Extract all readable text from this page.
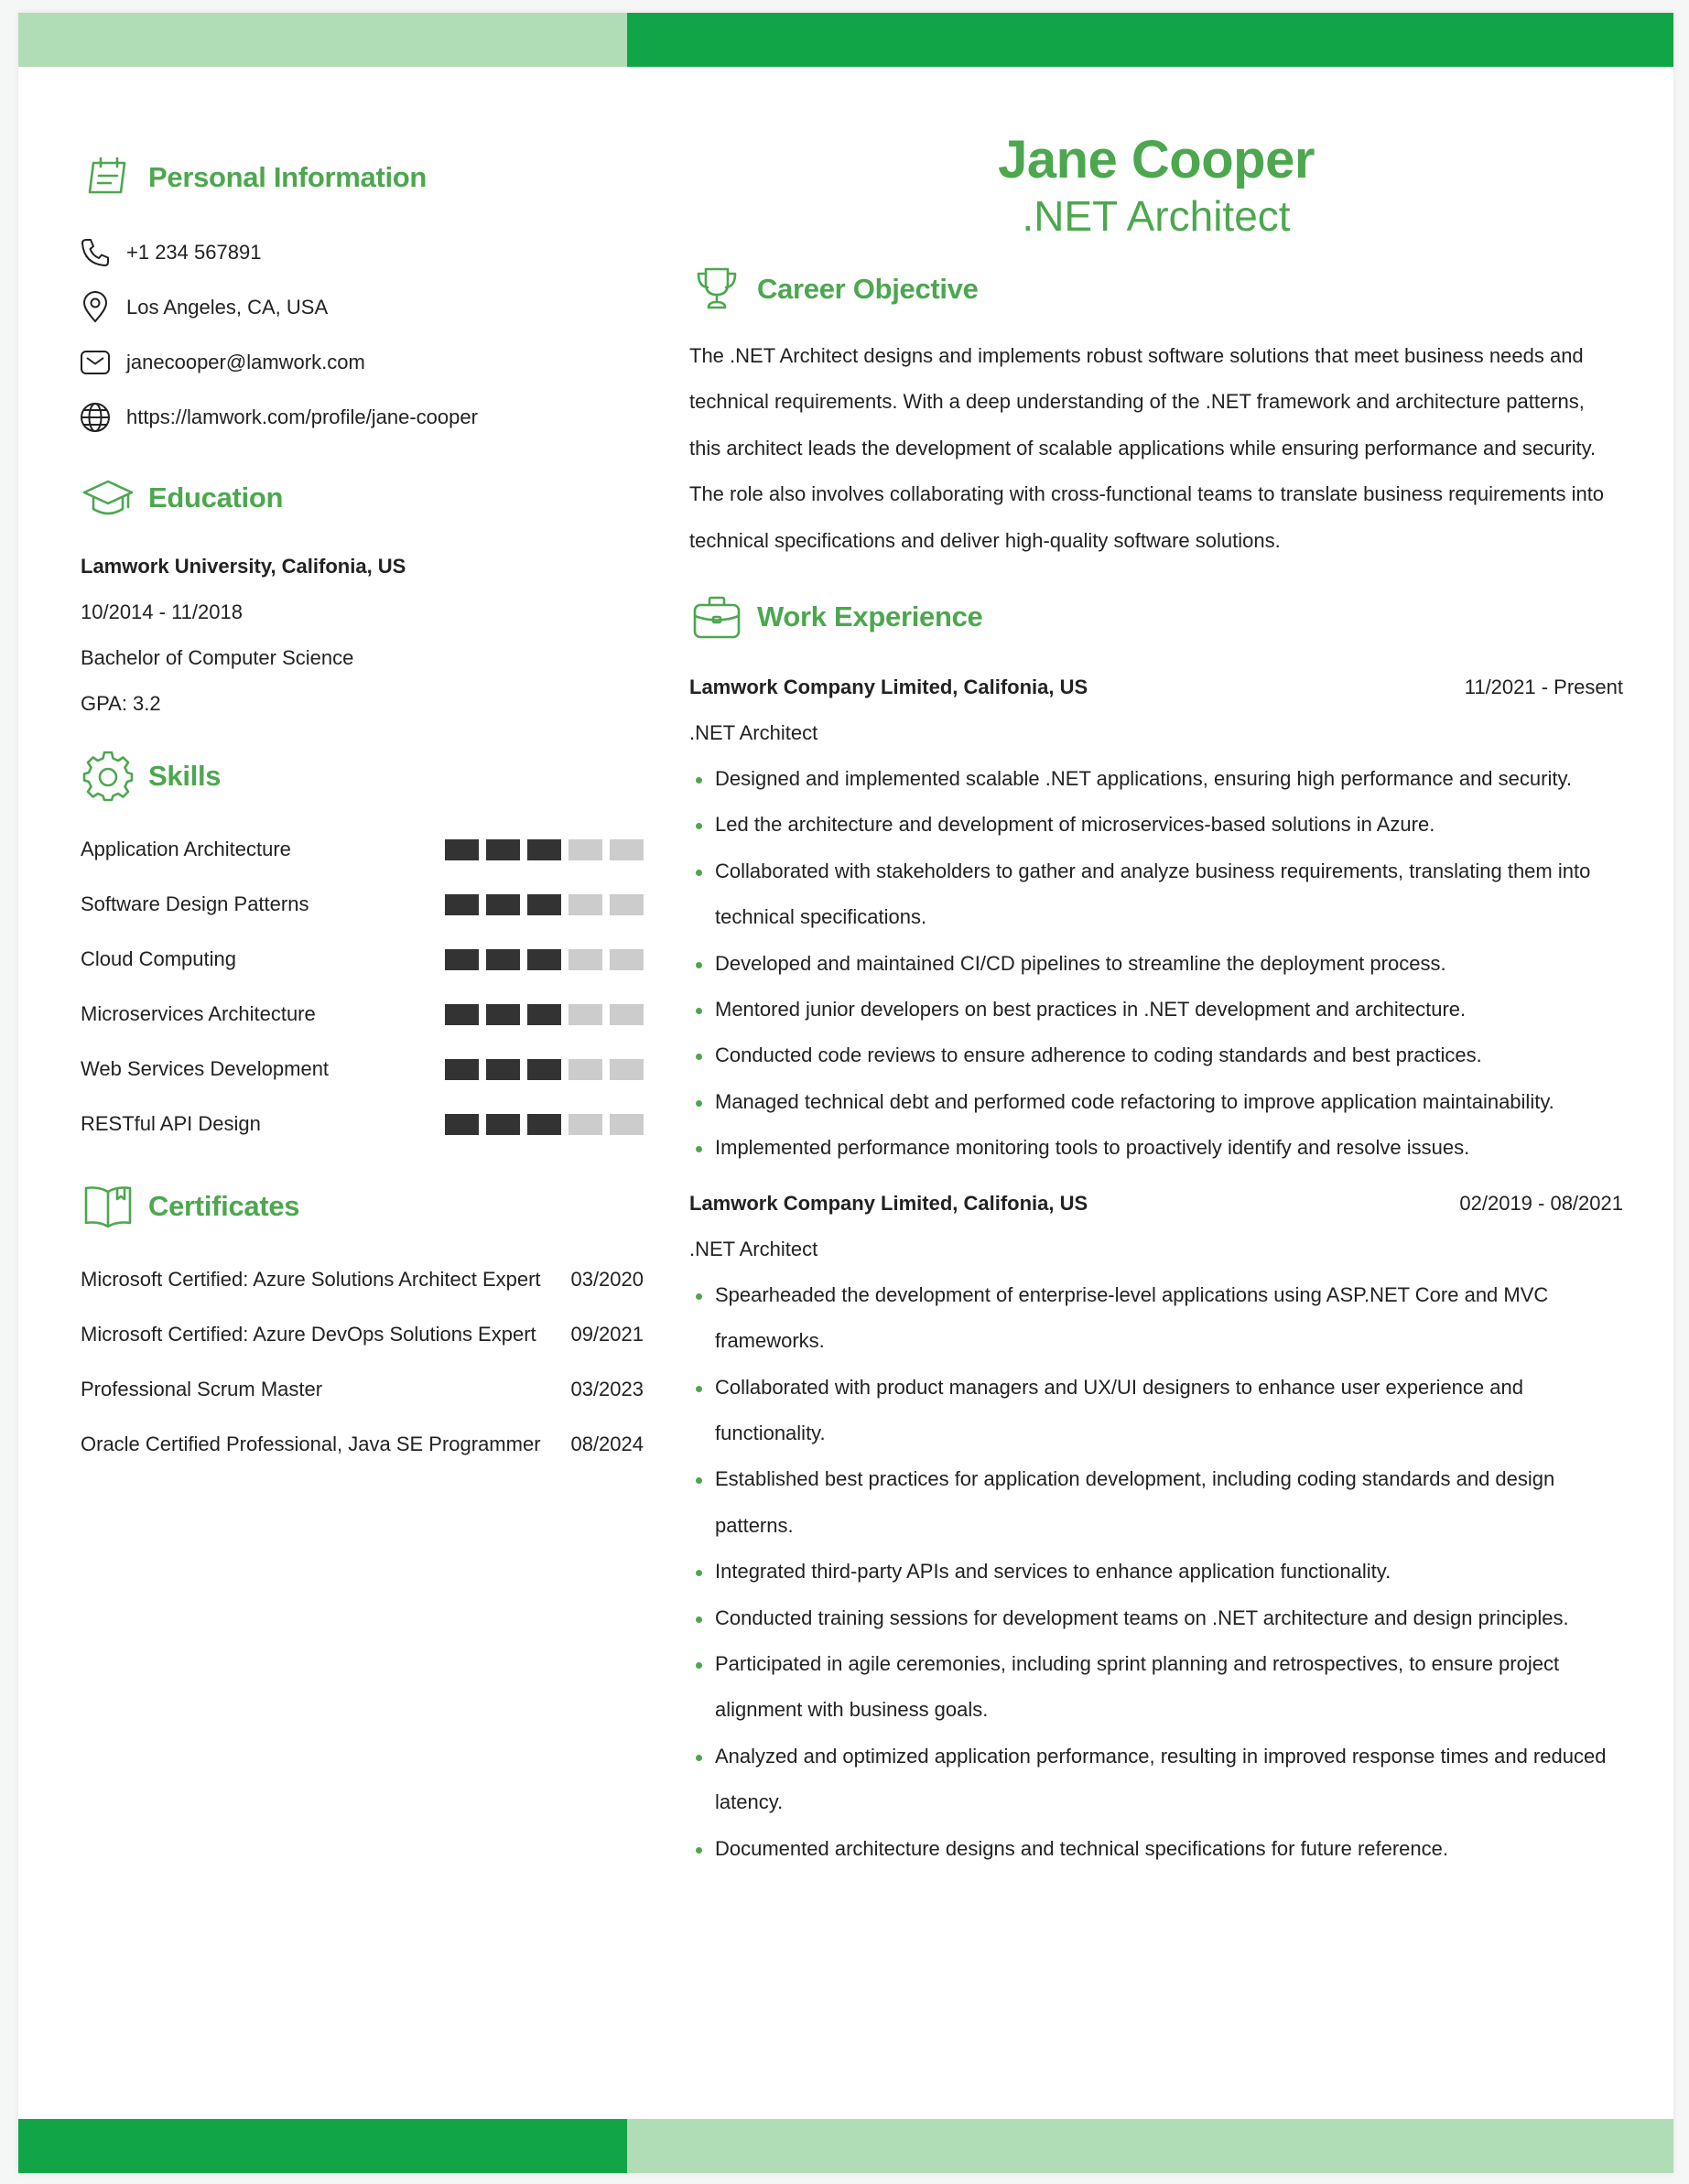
Personal Information
+1 234 567891
Los Angeles, CA, USA
janecooper@lamwork.com
https://lamwork.com/profile/jane-cooper
Education
Lamwork University, Califonia, US
10/2014 - 11/2018
Bachelor of Computer Science
GPA: 3.2
Skills
Application Architecture
Software Design Patterns
Cloud Computing
Microservices Architecture
Web Services Development
RESTful API Design
Certificates
Microsoft Certified: Azure Solutions Architect Expert 03/2020
Microsoft Certified: Azure DevOps Solutions Expert 09/2021
Professional Scrum Master	03/2023
Oracle Certified Professional, Java SE Programmer 08/2024
Jane Cooper
.NET Architect
Career Objective
The .NET Architect designs and implements robust software solutions that meet business needs and technical requirements. With a deep understanding of the .NET framework and architecture patterns, this architect leads the development of scalable applications while ensuring performance and security. The role also involves collaborating with cross-functional teams to translate business requirements into technical specifications and deliver high-quality software solutions.
Work Experience
Lamwork Company Limited, Califonia, US	11/2021 - Present
.NET Architect
Designed and implemented scalable .NET applications, ensuring high performance and security.
Led the architecture and development of microservices-based solutions in Azure.
Collaborated with stakeholders to gather and analyze business requirements, translating them into technical specifications.
Developed and maintained CI/CD pipelines to streamline the deployment process.
Mentored junior developers on best practices in .NET development and architecture.
Conducted code reviews to ensure adherence to coding standards and best practices.
Managed technical debt and performed code refactoring to improve application maintainability.
Implemented performance monitoring tools to proactively identify and resolve issues.
Lamwork Company Limited, Califonia, US	02/2019 - 08/2021
.NET Architect
Spearheaded the development of enterprise-level applications using ASP.NET Core and MVC frameworks.
Collaborated with product managers and UX/UI designers to enhance user experience and functionality.
Established best practices for application development, including coding standards and design patterns.
Integrated third-party APIs and services to enhance application functionality.
Conducted training sessions for development teams on .NET architecture and design principles.
Participated in agile ceremonies, including sprint planning and retrospectives, to ensure project alignment with business goals.
Analyzed and optimized application performance, resulting in improved response times and reduced latency.
Documented architecture designs and technical specifications for future reference.
